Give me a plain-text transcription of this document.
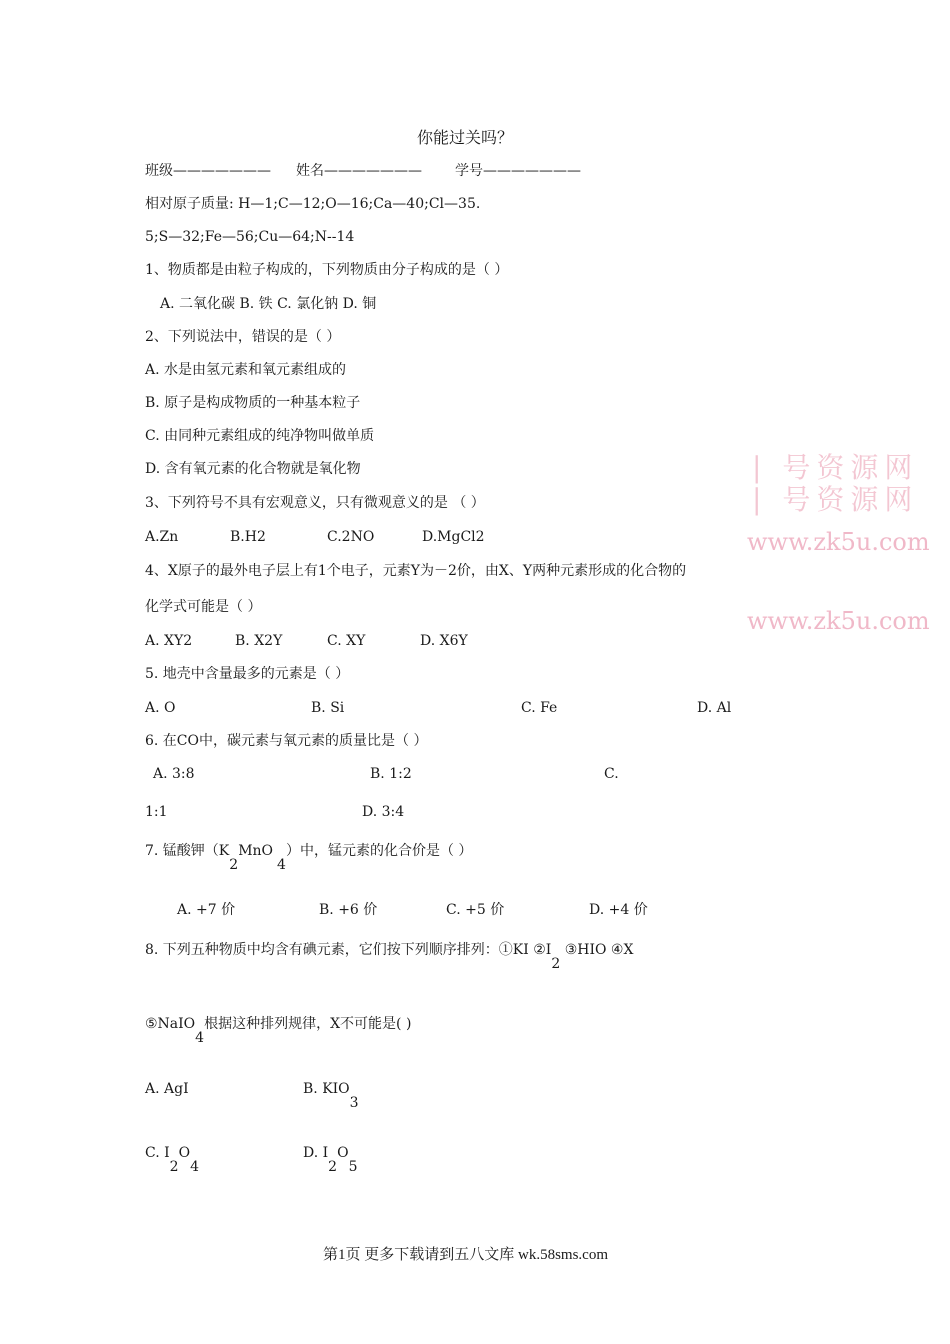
| 号资源网
| 号资源网
www.zk5u.com
www.zk5u.com
你能过关吗？
班级——————— 姓名——————— 学号———————
相对原子质量: H—1;C—12;O—16;Ca—40;Cl—35.
5;S—32;Fe—56;Cu—64;N--14
1、物质都是由粒子构成的，下列物质由分子构成的是（ ）
A. 二氧化碳 B. 铁 C. 氯化钠 D. 铜
2、下列说法中，错误的是（ ）
A. 水是由氢元素和氧元素组成的
B. 原子是构成物质的一种基本粒子
C. 由同种元素组成的纯净物叫做单质
D. 含有氧元素的化合物就是氧化物
3、下列符号不具有宏观意义，只有微观意义的是 （ ）
A.Zn	B.H2	C.2NO	D.MgCl2
4、X原子的最外电子层上有1个电子，元素Y为－2价，由X、Y两种元素形成的化合物的
化学式可能是（ ）
A. XY2	B. X2Y	C. XY	D. X6Y
5. 地壳中含量最多的元素是（ ）
A. O	B. Si	C. Fe	D. Al
6. 在CO中，碳元素与氧元素的质量比是（ ）
A. 3:8	B. 1:2	C.
1:1	D. 3:4
7. 锰酸钾（K2MnO4）中，锰元素的化合价是（ ）
A. +7 价	B. +6 价	C. +5 价	D. +4 价
8. 下列五种物质中均含有碘元素，它们按下列顺序排列：①KI ②I2 ③HIO ④X
⑤NaIO4根据这种排列规律，X不可能是( )
A. AgI	B. KIO3
C. I2O4
D. I2O5
第1页 更多下载请到五八文库 wk.58sms.com
